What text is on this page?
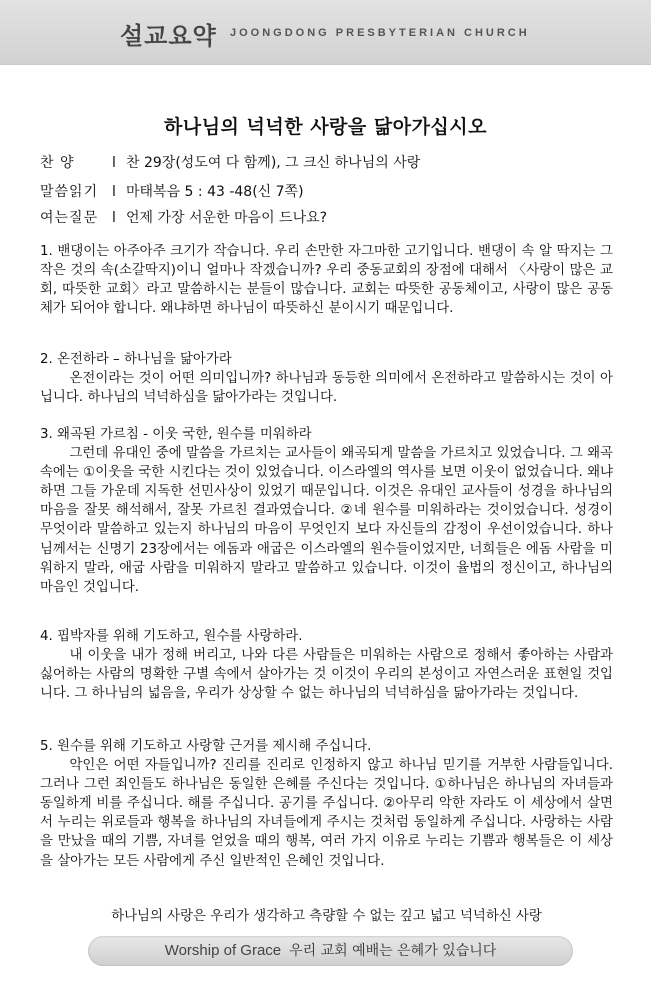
설교요약 JOONGDONG PRESBYTERIAN CHURCH
하나님의 넉넉한 사랑을 닮아가십시오
찬 양	l 찬 29장(성도여 다 함께), 그 크신 하나님의 사랑
말씀읽기 l 마태복음 5 : 43 -48(신 7쪽)
여는질문 l 언제 가장 서운한 마음이 드나요?
1. 밴댕이는 아주아주 크기가 작습니다. 우리 손만한 자그마한 고기입니다. 밴댕이 속 알 딱지는 그 작은 것의 속(소갈딱지)이니 얼마나 작겠습니까? 우리 중동교회의 장점에 대해서 〈사랑이 많은 교회, 따뜻한 교회〉라고 말씀하시는 분들이 많습니다. 교회는 따뜻한 공동체이고, 사랑이 많은 공동체가 되어야 합니다. 왜냐하면 하나님이 따뜻하신 분이시기 때문입니다.
2. 온전하라 – 하나님을 닮아가라
온전이라는 것이 어떤 의미입니까? 하나님과 동등한 의미에서 온전하라고 말씀하시는 것이 아닙니다. 하나님의 넉넉하심을 닮아가라는 것입니다.
3. 왜곡된 가르침 - 이웃 국한, 원수를 미워하라
그런데 유대인 중에 말씀을 가르치는 교사들이 왜곡되게 말씀을 가르치고 있었습니다. 그 왜곡 속에는 ①이웃을 국한 시킨다는 것이 있었습니다. 이스라엘의 역사를 보면 이웃이 없었습니다. 왜냐하면 그들 가운데 지독한 선민사상이 있었기 때문입니다. 이것은 유대인 교사들이 성경을 하나님의 마음을 잘못 해석해서, 잘못 가르친 결과였습니다. ②네 원수를 미워하라는 것이었습니다. 성경이 무엇이라 말씀하고 있는지 하나님의 마음이 무엇인지 보다 자신들의 감정이 우선이었습니다. 하나님께서는 신명기 23장에서는 에돔과 애굽은 이스라엘의 원수들이었지만, 너희들은 에돔 사람을 미워하지 말라, 애굽 사람을 미워하지 말라고 말씀하고 있습니다. 이것이 율법의 정신이고, 하나님의 마음인 것입니다.
4. 핍박자를 위해 기도하고, 원수를 사랑하라.
내 이웃을 내가 정해 버리고, 나와 다른 사람들은 미워하는 사람으로 정해서 좋아하는 사람과 싫어하는 사람의 명확한 구별 속에서 살아가는 것 이것이 우리의 본성이고 자연스러운 표현일 것입니다. 그 하나님의 넓음을, 우리가 상상할 수 없는 하나님의 넉넉하심을 닮아가라는 것입니다.
5. 원수를 위해 기도하고 사랑할 근거를 제시해 주십니다.
악인은 어떤 자들입니까? 진리를 진리로 인정하지 않고 하나님 믿기를 거부한 사람들입니다. 그러나 그런 죄인들도 하나님은 동일한 은혜를 주신다는 것입니다. ①하나님은 하나님의 자녀들과 동일하게 비를 주십니다. 해를 주십니다. 공기를 주십니다. ②아무리 악한 자라도 이 세상에서 살면서 누리는 위로들과 행복을 하나님의 자녀들에게 주시는 것처럼 동일하게 주십니다. 사랑하는 사람을 만났을 때의 기쁨, 자녀를 얻었을 때의 행복, 여러 가지 이유로 누리는 기쁨과 행복들은 이 세상을 살아가는 모든 사람에게 주신 일반적인 은혜인 것입니다.
하나님의 사랑은 우리가 생각하고 측량할 수 없는 깊고 넓고 넉넉하신 사랑
Worship of Grace 우리 교회 예배는 은혜가 있습니다
